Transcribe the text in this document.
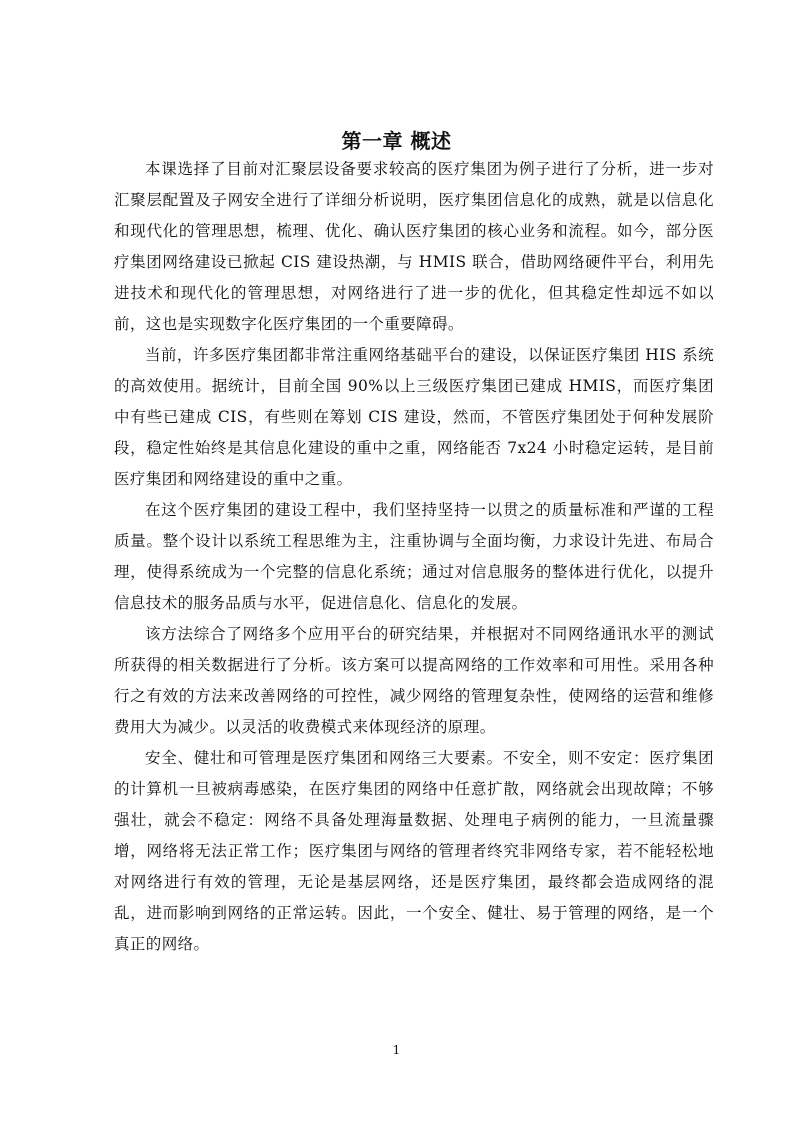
第一章 概述

本课选择了目前对汇聚层设备要求较高的医疗集团为例子进行了分析，进一步对汇聚层配置及子网安全进行了详细分析说明，医疗集团信息化的成熟，就是以信息化和现代化的管理思想，梳理、优化、确认医疗集团的核心业务和流程。如今，部分医疗集团网络建设已掀起 CIS 建设热潮，与 HMIS 联合，借助网络硬件平台，利用先进技术和现代化的管理思想，对网络进行了进一步的优化，但其稳定性却远不如以前，这也是实现数字化医疗集团的一个重要障碍。

当前，许多医疗集团都非常注重网络基础平台的建设，以保证医疗集团 HIS 系统的高效使用。据统计，目前全国 90%以上三级医疗集团已建成 HMIS，而医疗集团中有些已建成 CIS，有些则在筹划 CIS 建设，然而，不管医疗集团处于何种发展阶段，稳定性始终是其信息化建设的重中之重，网络能否 7x24 小时稳定运转，是目前医疗集团和网络建设的重中之重。

在这个医疗集团的建设工程中，我们坚持坚持一以贯之的质量标准和严谨的工程质量。整个设计以系统工程思维为主，注重协调与全面均衡，力求设计先进、布局合理，使得系统成为一个完整的信息化系统；通过对信息服务的整体进行优化，以提升信息技术的服务品质与水平，促进信息化、信息化的发展。

该方法综合了网络多个应用平台的研究结果，并根据对不同网络通讯水平的测试所获得的相关数据进行了分析。该方案可以提高网络的工作效率和可用性。采用各种行之有效的方法来改善网络的可控性，减少网络的管理复杂性，使网络的运营和维修费用大为减少。以灵活的收费模式来体现经济的原理。

安全、健壮和可管理是医疗集团和网络三大要素。不安全，则不安定：医疗集团的计算机一旦被病毒感染，在医疗集团的网络中任意扩散，网络就会出现故障；不够强壮，就会不稳定：网络不具备处理海量数据、处理电子病例的能力，一旦流量骤增，网络将无法正常工作；医疗集团与网络的管理者终究非网络专家，若不能轻松地对网络进行有效的管理，无论是基层网络，还是医疗集团，最终都会造成网络的混乱，进而影响到网络的正常运转。因此，一个安全、健壮、易于管理的网络，是一个真正的网络。

1
